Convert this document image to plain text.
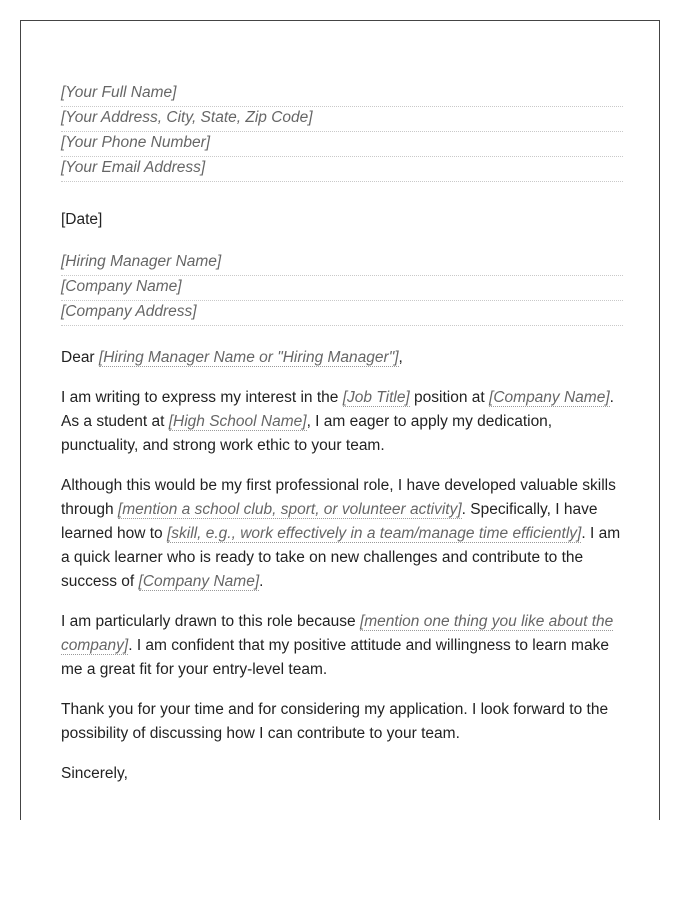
[Your Full Name]
[Your Address, City, State, Zip Code]
[Your Phone Number]
[Your Email Address]
[Date]
[Hiring Manager Name]
[Company Name]
[Company Address]

Dear [Hiring Manager Name or "Hiring Manager"],

I am writing to express my interest in the [Job Title] position at [Company Name]. As a student at [High School Name], I am eager to apply my dedication, punctuality, and strong work ethic to your team.

Although this would be my first professional role, I have developed valuable skills through [mention a school club, sport, or volunteer activity]. Specifically, I have learned how to [skill, e.g., work effectively in a team/manage time efficiently]. I am a quick learner who is ready to take on new challenges and contribute to the success of [Company Name].

I am particularly drawn to this role because [mention one thing you like about the company]. I am confident that my positive attitude and willingness to learn make me a great fit for your entry-level team.

Thank you for your time and for considering my application. I look forward to the possibility of discussing how I can contribute to your team.

Sincerely,
